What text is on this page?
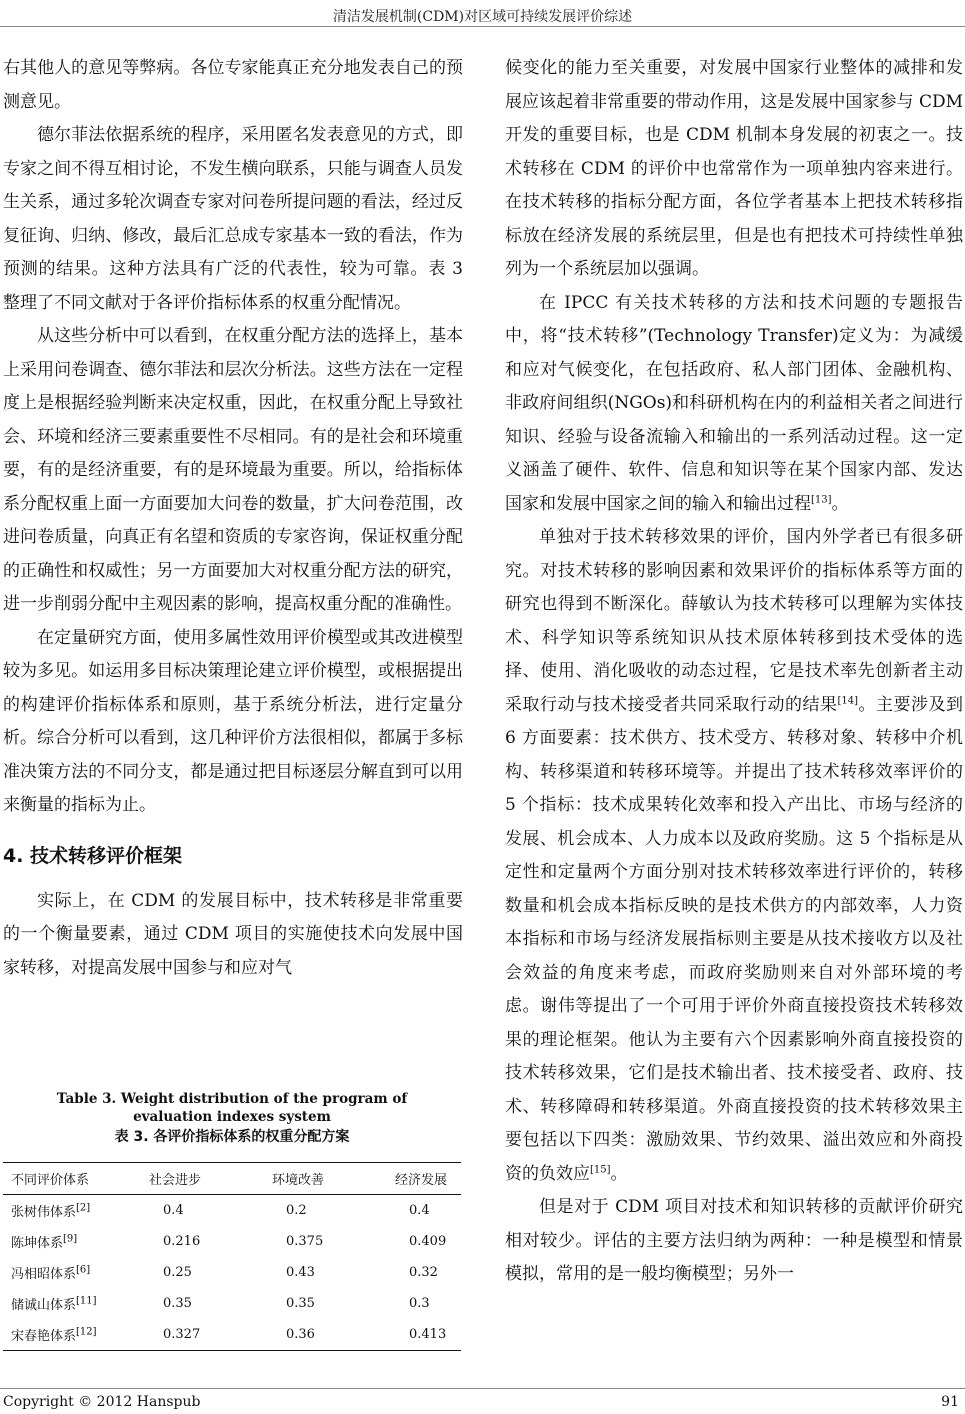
清洁发展机制(CDM)对区域可持续发展评价综述

右其他人的意见等弊病。各位专家能真正充分地发表自己的预测意见。

德尔菲法依据系统的程序，采用匿名发表意见的方式，即专家之间不得互相讨论，不发生横向联系，只能与调查人员发生关系，通过多轮次调查专家对问卷所提问题的看法，经过反复征询、归纳、修改，最后汇总成专家基本一致的看法，作为预测的结果。这种方法具有广泛的代表性，较为可靠。表 3 整理了不同文献对于各评价指标体系的权重分配情况。

从这些分析中可以看到，在权重分配方法的选择上，基本上采用问卷调查、德尔菲法和层次分析法。这些方法在一定程度上是根据经验判断来决定权重，因此，在权重分配上导致社会、环境和经济三要素重要性不尽相同。有的是社会和环境重要，有的是经济重要，有的是环境最为重要。所以，给指标体系分配权重上面一方面要加大问卷的数量，扩大问卷范围，改进问卷质量，向真正有名望和资质的专家咨询，保证权重分配的正确性和权威性；另一方面要加大对权重分配方法的研究，进一步削弱分配中主观因素的影响，提高权重分配的准确性。

在定量研究方面，使用多属性效用评价模型或其改进模型较为多见。如运用多目标决策理论建立评价模型，或根据提出的构建评价指标体系和原则，基于系统分析法，进行定量分析。综合分析可以看到，这几种评价方法很相似，都属于多标准决策方法的不同分支，都是通过把目标逐层分解直到可以用来衡量的指标为止。

4. 技术转移评价框架

实际上，在 CDM 的发展目标中，技术转移是非常重要的一个衡量要素，通过 CDM 项目的实施使技术向发展中国家转移，对提高发展中国参与和应对气

Table 3. Weight distribution of the program of evaluation indexes system
表 3. 各评价指标体系的权重分配方案
不同评价体系	社会进步	环境改善	经济发展
张树伟体系[2]	0.4	0.2	0.4
陈坤体系[9]	0.216	0.375	0.409
冯相昭体系[6]	0.25	0.43	0.32
储诚山体系[11]	0.35	0.35	0.3
宋春艳体系[12]	0.327	0.36	0.413

候变化的能力至关重要，对发展中国家行业整体的减排和发展应该起着非常重要的带动作用，这是发展中国家参与 CDM 开发的重要目标，也是 CDM 机制本身发展的初衷之一。技术转移在 CDM 的评价中也常常作为一项单独内容来进行。在技术转移的指标分配方面，各位学者基本上把技术转移指标放在经济发展的系统层里，但是也有把技术可持续性单独列为一个系统层加以强调。

在 IPCC 有关技术转移的方法和技术问题的专题报告中，将“技术转移”(Technology Transfer)定义为：为减缓和应对气候变化，在包括政府、私人部门团体、金融机构、非政府间组织(NGOs)和科研机构在内的利益相关者之间进行知识、经验与设备流输入和输出的一系列活动过程。这一定义涵盖了硬件、软件、信息和知识等在某个国家内部、发达国家和发展中国家之间的输入和输出过程[13]。

单独对于技术转移效果的评价，国内外学者已有很多研究。对技术转移的影响因素和效果评价的指标体系等方面的研究也得到不断深化。薛敏认为技术转移可以理解为实体技术、科学知识等系统知识从技术原体转移到技术受体的选择、使用、消化吸收的动态过程，它是技术率先创新者主动采取行动与技术接受者共同采取行动的结果[14]。主要涉及到 6 方面要素：技术供方、技术受方、转移对象、转移中介机构、转移渠道和转移环境等。并提出了技术转移效率评价的 5 个指标：技术成果转化效率和投入产出比、市场与经济的发展、机会成本、人力成本以及政府奖励。这 5 个指标是从定性和定量两个方面分别对技术转移效率进行评价的，转移数量和机会成本指标反映的是技术供方的内部效率，人力资本指标和市场与经济发展指标则主要是从技术接收方以及社会效益的角度来考虑，而政府奖励则来自对外部环境的考虑。谢伟等提出了一个可用于评价外商直接投资技术转移效果的理论框架。他认为主要有六个因素影响外商直接投资的技术转移效果，它们是技术输出者、技术接受者、政府、技术、转移障碍和转移渠道。外商直接投资的技术转移效果主要包括以下四类：激励效果、节约效果、溢出效应和外商投资的负效应[15]。

但是对于 CDM 项目对技术和知识转移的贡献评价研究相对较少。评估的主要方法归纳为两种：一种是模型和情景模拟，常用的是一般均衡模型；另外一

Copyright © 2012 Hanspub	91
